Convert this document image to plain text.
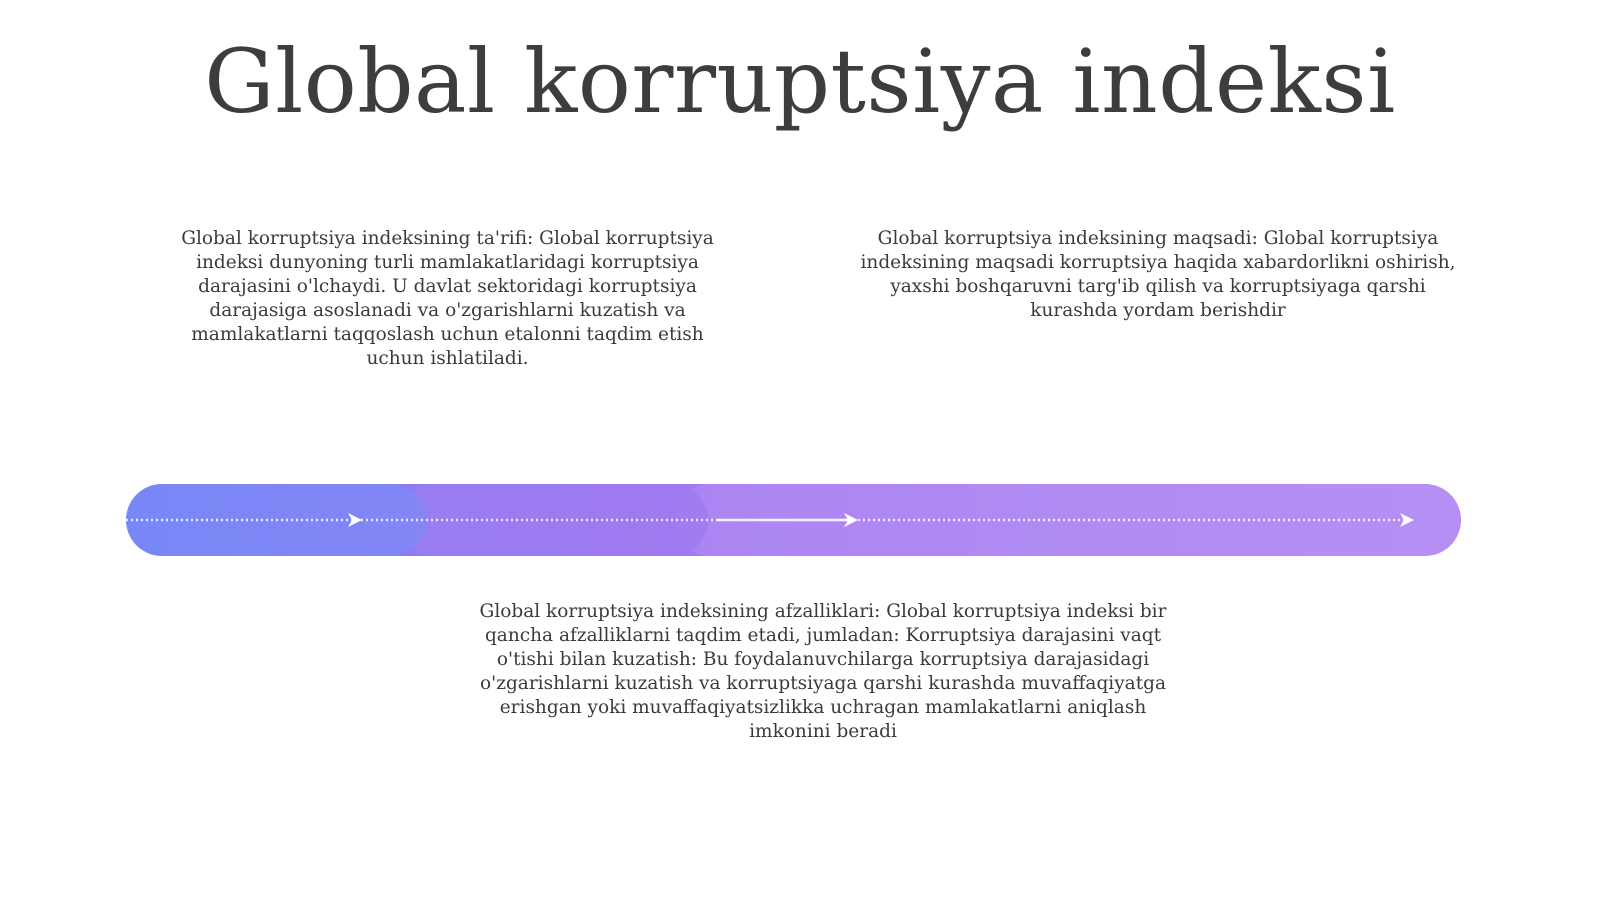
Global korruptsiya indeksi
Global korruptsiya indeksining ta'rifi: Global korruptsiya indeksi dunyoning turli mamlakatlaridagi korruptsiya darajasini o'lchaydi. U davlat sektoridagi korruptsiya darajasiga asoslanadi va o'zgarishlarni kuzatish va mamlakatlarni taqqoslash uchun etalonni taqdim etish uchun ishlatiladi.
Global korruptsiya indeksining maqsadi: Global korruptsiya indeksining maqsadi korruptsiya haqida xabardorlikni oshirish, yaxshi boshqaruvni targ'ib qilish va korruptsiyaga qarshi kurashda yordam berishdir
Global korruptsiya indeksining afzalliklari: Global korruptsiya indeksi bir qancha afzalliklarni taqdim etadi, jumladan: Korruptsiya darajasini vaqt o'tishi bilan kuzatish: Bu foydalanuvchilarga korruptsiya darajasidagi o'zgarishlarni kuzatish va korruptsiyaga qarshi kurashda muvaffaqiyatga erishgan yoki muvaffaqiyatsizlikka uchragan mamlakatlarni aniqlash imkonini beradi
